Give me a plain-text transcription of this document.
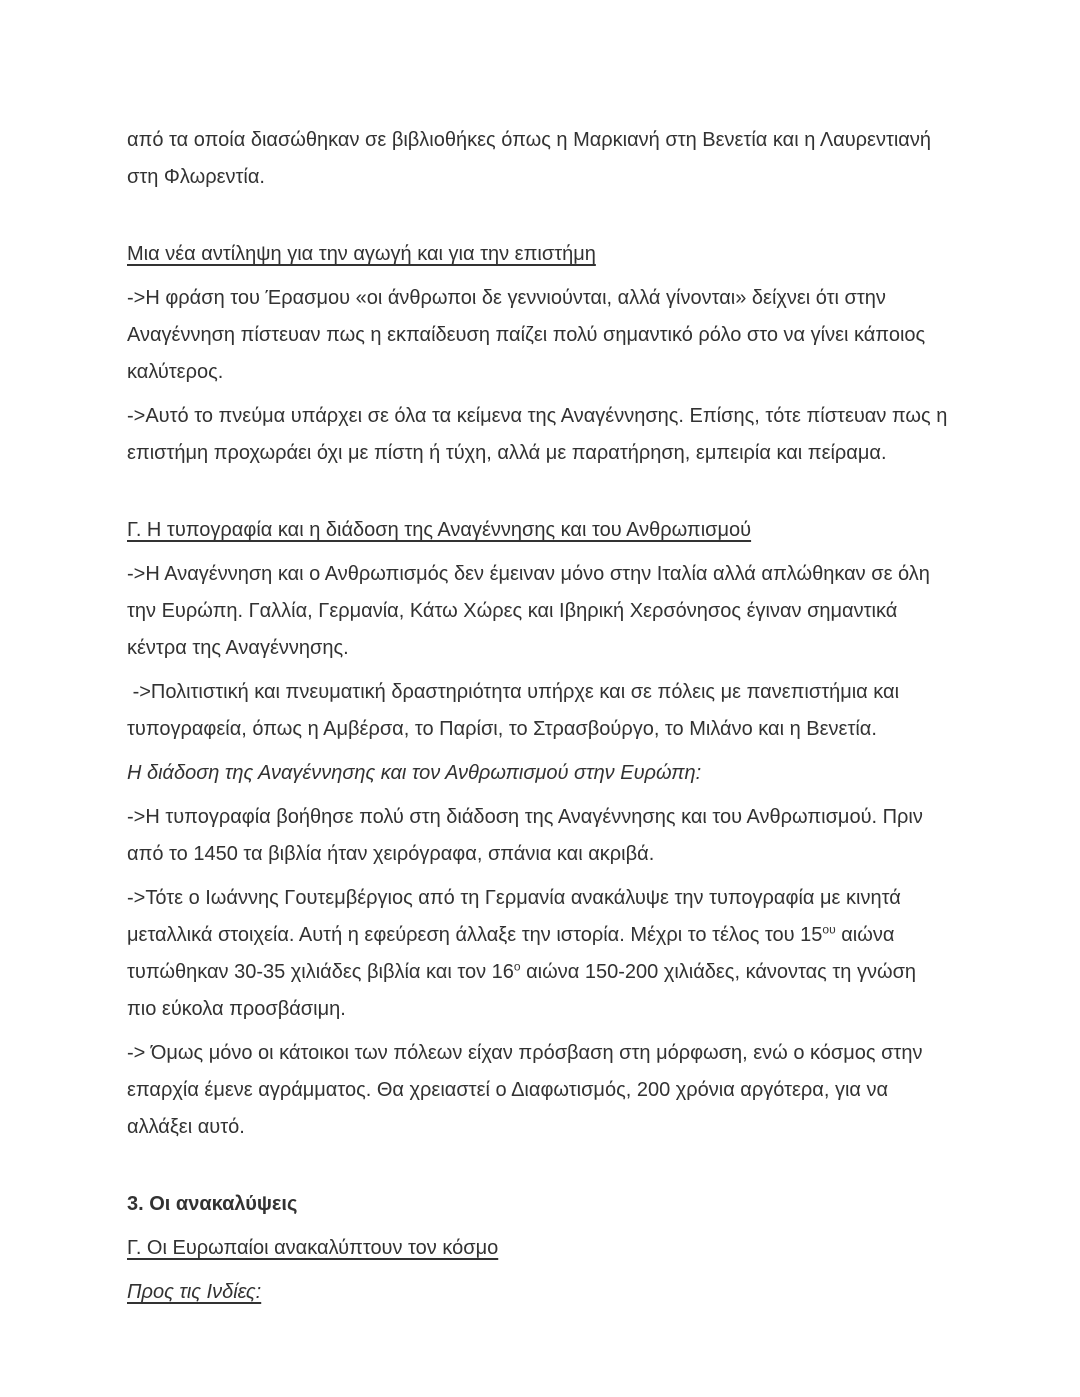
από τα οποία διασώθηκαν σε βιβλιοθήκες όπως η Μαρκιανή στη Βενετία και η Λαυρεντιανή στη Φλωρεντία.

Μια νέα αντίληψη για την αγωγή και για την επιστήμη

->Η φράση του Έρασμου «οι άνθρωποι δε γεννιούνται, αλλά γίνονται» δείχνει ότι στην Αναγέννηση πίστευαν πως η εκπαίδευση παίζει πολύ σημαντικό ρόλο στο να γίνει κάποιος καλύτερος.

->Αυτό το πνεύμα υπάρχει σε όλα τα κείμενα της Αναγέννησης. Επίσης, τότε πίστευαν πως η επιστήμη προχωράει όχι με πίστη ή τύχη, αλλά με παρατήρηση, εμπειρία και πείραμα.

Γ. Η τυπογραφία και η διάδοση της Αναγέννησης και του Ανθρωπισμού

->Η Αναγέννηση και ο Ανθρωπισμός δεν έμειναν μόνο στην Ιταλία αλλά απλώθηκαν σε όλη την Ευρώπη. Γαλλία, Γερμανία, Κάτω Χώρες και Ιβηρική Χερσόνησος έγιναν σημαντικά κέντρα της Αναγέννησης.

->Πολιτιστική και πνευματική δραστηριότητα υπήρχε και σε πόλεις με πανεπιστήμια και τυπογραφεία, όπως η Αμβέρσα, το Παρίσι, το Στρασβούργο, το Μιλάνο και η Βενετία.

Η διάδοση της Αναγέννησης και τον Ανθρωπισμού στην Ευρώπη:

->Η τυπογραφία βοήθησε πολύ στη διάδοση της Αναγέννησης και του Ανθρωπισμού. Πριν από το 1450 τα βιβλία ήταν χειρόγραφα, σπάνια και ακριβά.

->Τότε ο Ιωάννης Γουτεμβέργιος από τη Γερμανία ανακάλυψε την τυπογραφία με κινητά μεταλλικά στοιχεία. Αυτή η εφεύρεση άλλαξε την ιστορία. Μέχρι το τέλος του $15^{o\upsilon}$ αιώνα τυπώθηκαν 30-35 χιλιάδες βιβλία και τον $16^o$ αιώνα 150-200 χιλιάδες, κάνοντας τη γνώση πιο εύκολα προσβάσιμη.

-> Όμως μόνο οι κάτοικοι των πόλεων είχαν πρόσβαση στη μόρφωση, ενώ ο κόσμος στην επαρχία έμενε αγράμματος. Θα χρειαστεί ο Διαφωτισμός, 200 χρόνια αργότερα, για να αλλάξει αυτό.

3. Οι ανακαλύψεις

Γ. Οι Ευρωπαίοι ανακαλύπτουν τον κόσμο

Προς τις Ινδίες:
